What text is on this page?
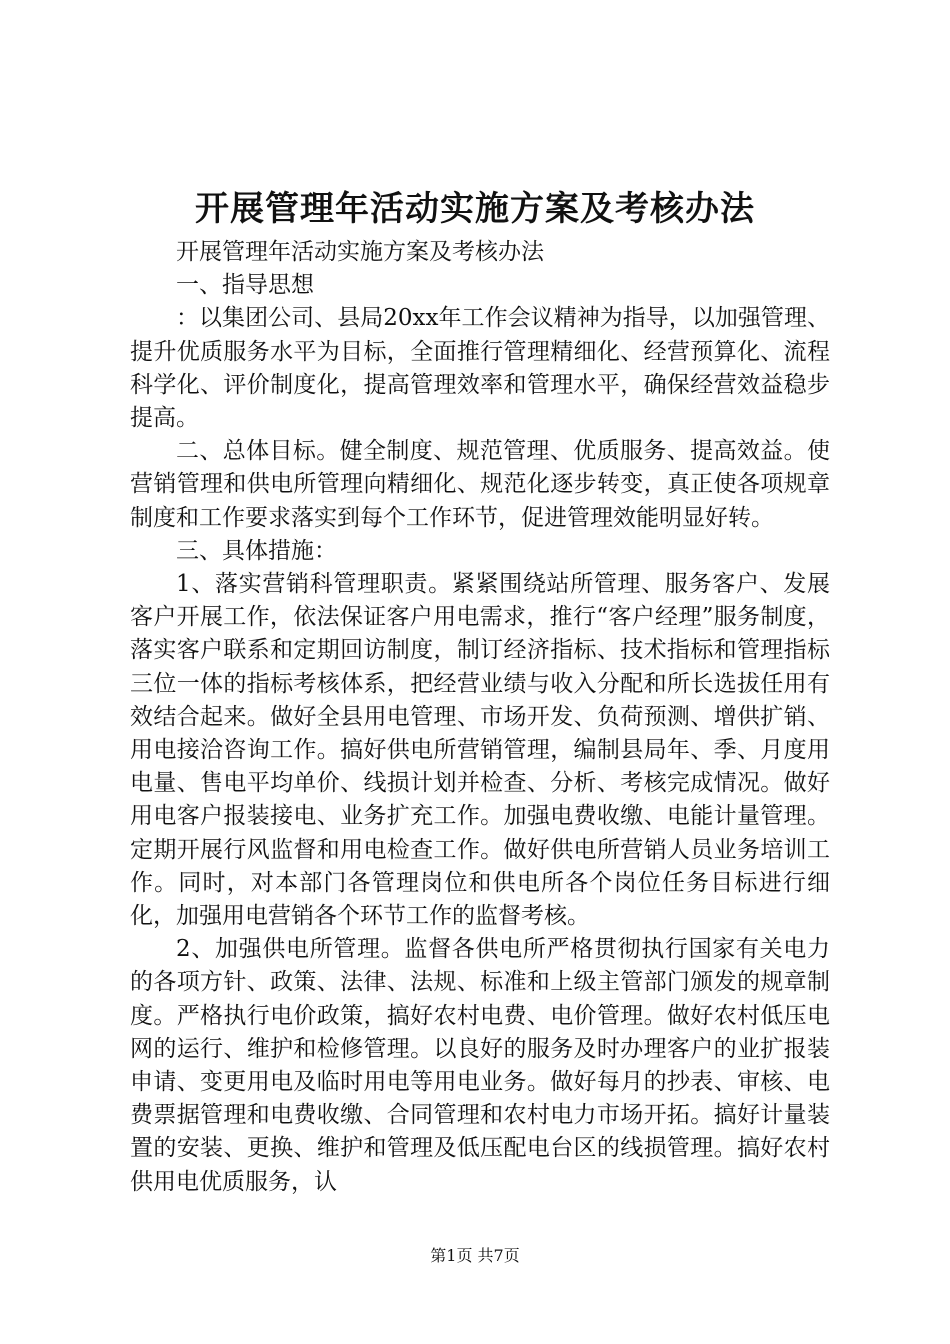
开展管理年活动实施方案及考核办法

开展管理年活动实施方案及考核办法

一、指导思想

：以集团公司、县局20xx年工作会议精神为指导，以加强管理、提升优质服务水平为目标，全面推行管理精细化、经营预算化、流程科学化、评价制度化，提高管理效率和管理水平，确保经营效益稳步提高。

二、总体目标。健全制度、规范管理、优质服务、提高效益。使营销管理和供电所管理向精细化、规范化逐步转变，真正使各项规章制度和工作要求落实到每个工作环节，促进管理效能明显好转。

三、具体措施：

1、落实营销科管理职责。紧紧围绕站所管理、服务客户、发展客户开展工作，依法保证客户用电需求，推行“客户经理”服务制度，落实客户联系和定期回访制度，制订经济指标、技术指标和管理指标三位一体的指标考核体系，把经营业绩与收入分配和所长选拔任用有效结合起来。做好全县用电管理、市场开发、负荷预测、增供扩销、用电接洽咨询工作。搞好供电所营销管理，编制县局年、季、月度用电量、售电平均单价、线损计划并检查、分析、考核完成情况。做好用电客户报装接电、业务扩充工作。加强电费收缴、电能计量管理。定期开展行风监督和用电检查工作。做好供电所营销人员业务培训工作。同时，对本部门各管理岗位和供电所各个岗位任务目标进行细化，加强用电营销各个环节工作的监督考核。

2、加强供电所管理。监督各供电所严格贯彻执行国家有关电力的各项方针、政策、法律、法规、标准和上级主管部门颁发的规章制度。严格执行电价政策，搞好农村电费、电价管理。做好农村低压电网的运行、维护和检修管理。以良好的服务及时办理客户的业扩报装申请、变更用电及临时用电等用电业务。做好每月的抄表、审核、电费票据管理和电费收缴、合同管理和农村电力市场开拓。搞好计量装置的安装、更换、维护和管理及低压配电台区的线损管理。搞好农村供用电优质服务，认

第1页 共7页
